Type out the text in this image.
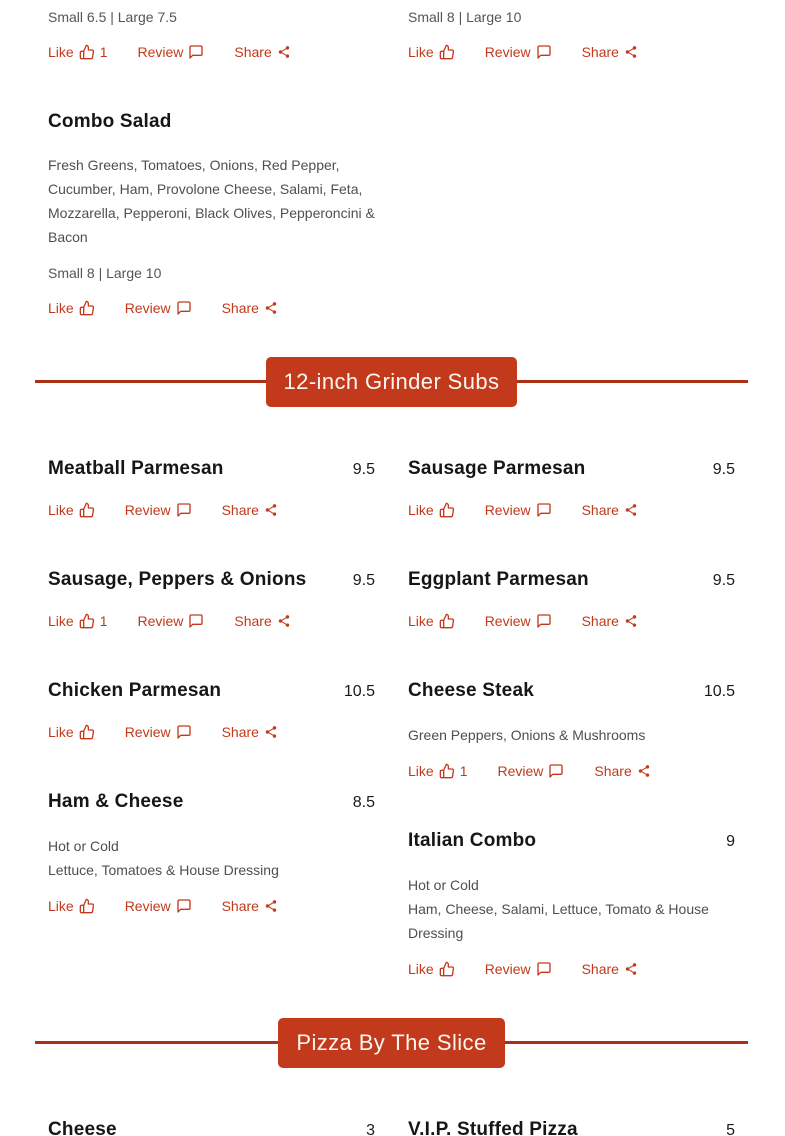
Small 6.5 | Large 7.5

Like 1 Review	Share
Combo Salad

Fresh Greens, Tomatoes, Onions, Red Pepper, Cucumber, Ham, Provolone Cheese, Salami, Feta, Mozzarella, Pepperoni, Black Olives, Pepperoncini & Bacon

Small 8 | Large 10

Like	Review	Share

Small 8 | Large 10

Like	Review	Share
12-inch Grinder Subs
Meatball Parmesan	9.5
Like	Review	Share
Sausage, Peppers & Onions	9.5
Like 1 Review	Share
Chicken Parmesan	10.5
Like	Review	Share
Ham & Cheese	8.5

Hot or Cold

Lettuce, Tomatoes & House Dressing

Like	Review	Share
Sausage Parmesan	9.5
Like	Review	Share
Eggplant Parmesan	9.5
Like	Review	Share
Cheese Steak	10.5

Green Peppers, Onions & Mushrooms

Like 1 Review	Share
Italian Combo	9

Hot or Cold

Ham, Cheese, Salami, Lettuce, Tomato & House Dressing

Like	Review	Share
Pizza By The Slice
Cheese	3 V.I.P. Stuffed Pizza	5
